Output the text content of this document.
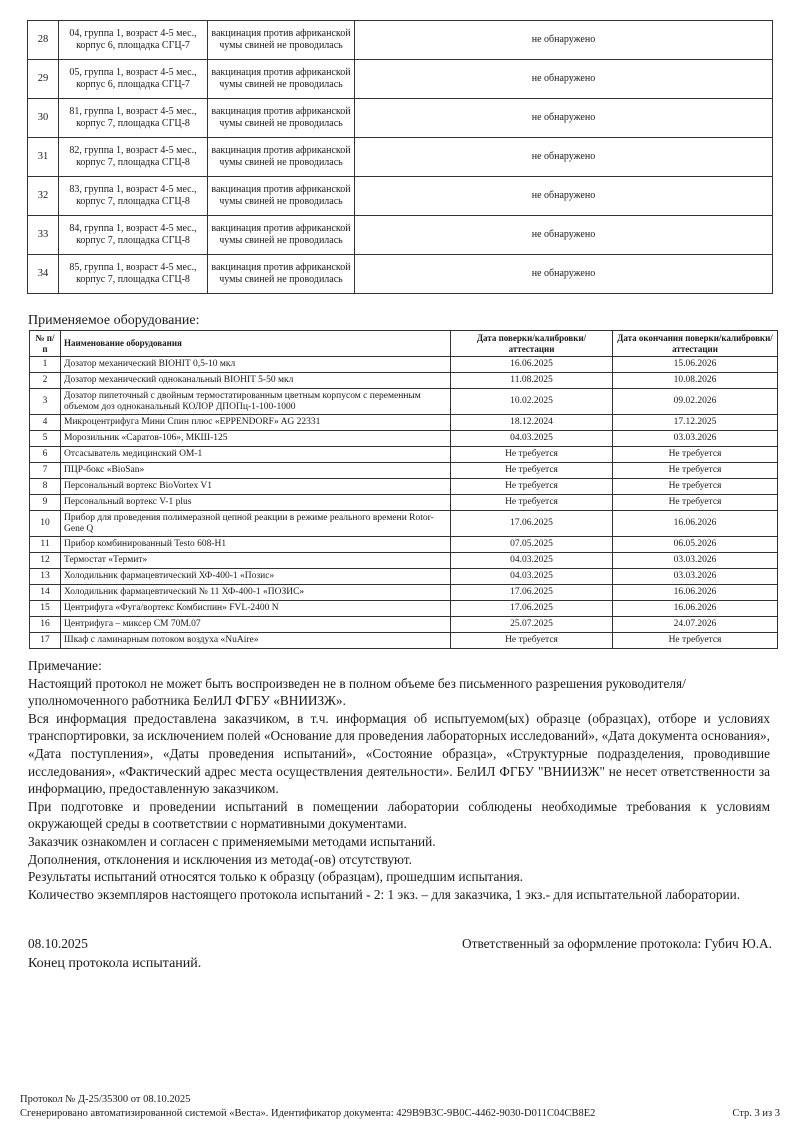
28	04, группа 1, возраст 4-5 мес., корпус 6, площадка СГЦ-7	вакцинация против африканской чумы свиней не проводилась	не обнаружено
29	05, группа 1, возраст 4-5 мес., корпус 6, площадка СГЦ-7	вакцинация против африканской чумы свиней не проводилась	не обнаружено
30	81, группа 1, возраст 4-5 мес., корпус 7, площадка СГЦ-8	вакцинация против африканской чумы свиней не проводилась	не обнаружено
31	82, группа 1, возраст 4-5 мес., корпус 7, площадка СГЦ-8	вакцинация против африканской чумы свиней не проводилась	не обнаружено
32	83, группа 1, возраст 4-5 мес., корпус 7, площадка СГЦ-8	вакцинация против африканской чумы свиней не проводилась	не обнаружено
33	84, группа 1, возраст 4-5 мес., корпус 7, площадка СГЦ-8	вакцинация против африканской чумы свиней не проводилась	не обнаружено
34	85, группа 1, возраст 4-5 мес., корпус 7, площадка СГЦ-8	вакцинация против африканской чумы свиней не проводилась	не обнаружено
Применяемое оборудование:
№ п/п	Наименование оборудования	Дата поверки/калибровки/аттестации	Дата окончания поверки/калибровки/аттестации
1	Дозатор механический BIOHIT 0,5-10 мкл	16.06.2025	15.06.2026
2	Дозатор механический одноканальный BIOHIT 5-50 мкл	11.08.2025	10.08.2026
3	Дозатор пипеточный с двойным термостатированным цветным корпусом с переменным объемом доз одноканальный КОЛОР ДПОПц-1-100-1000	10.02.2025	09.02.2026
4	Микроцентрифуга Мини Спин плюс «EPPENDORF» AG 22331	18.12.2024	17.12.2025
5	Морозильник «Саратов-106», МКШ-125	04.03.2025	03.03.2026
6	Отсасыватель медицинский ОМ-1	Не требуется	Не требуется
7	ПЦР-бокс «BioSan»	Не требуется	Не требуется
8	Персональный вортекс BioVortex V1	Не требуется	Не требуется
9	Персональный вортекс V-1 plus	Не требуется	Не требуется
10	Прибор для проведения полимеразной цепной реакции в режиме реального времени Rotor-Gene Q	17.06.2025	16.06.2026
11	Прибор комбинированный Testo 608-H1	07.05.2025	06.05.2026
12	Термостат «Термит»	04.03.2025	03.03.2026
13	Холодильник фармацевтический ХФ-400-1 «Позис»	04.03.2025	03.03.2026
14	Холодильник фармацевтический № 11 ХФ-400-1 «ПОЗИС»	17.06.2025	16.06.2026
15	Центрифуга «Фуга/вортекс Комбиспин» FVL-2400 N	17.06.2025	16.06.2026
16	Центрифуга – миксер СМ 70М.07	25.07.2025	24.07.2026
17	Шкаф с ламинарным потоком воздуха «NuAire»	Не требуется	Не требуется

Примечание:

Настоящий протокол не может быть воспроизведен не в полном объеме без письменного разрешения руководителя/уполномоченного работника БелИЛ ФГБУ «ВНИИЗЖ».

Вся информация предоставлена заказчиком, в т.ч. информация об испытуемом(ых) образце (образцах), отборе и условиях транспортировки, за исключением полей «Основание для проведения лабораторных исследований», «Дата документа основания», «Дата поступления», «Даты проведения испытаний», «Состояние образца», «Структурные подразделения, проводившие исследования», «Фактический адрес места осуществления деятельности». БелИЛ ФГБУ "ВНИИЗЖ" не несет ответственности за информацию, предоставленную заказчиком.

При подготовке и проведении испытаний в помещении лаборатории соблюдены необходимые требования к условиям окружающей среды в соответствии с нормативными документами.

Заказчик ознакомлен и согласен с применяемыми методами испытаний.

Дополнения, отклонения и исключения из метода(-ов) отсутствуют.

Результаты испытаний относятся только к образцу (образцам), прошедшим испытания.

Количество экземпляров настоящего протокола испытаний - 2: 1 экз. – для заказчика, 1 экз.- для испытательной лаборатории.

08.10.2025	Ответственный за оформление протокола: Губич Ю.А.
Конец протокола испытаний.
Протокол № Д-25/35300 от 08.10.2025
Сгенерировано автоматизированной системой «Веста». Идентификатор документа: 429B9B3C-9B0C-4462-9030-D011C04CB8E2	Стр. 3 из 3
